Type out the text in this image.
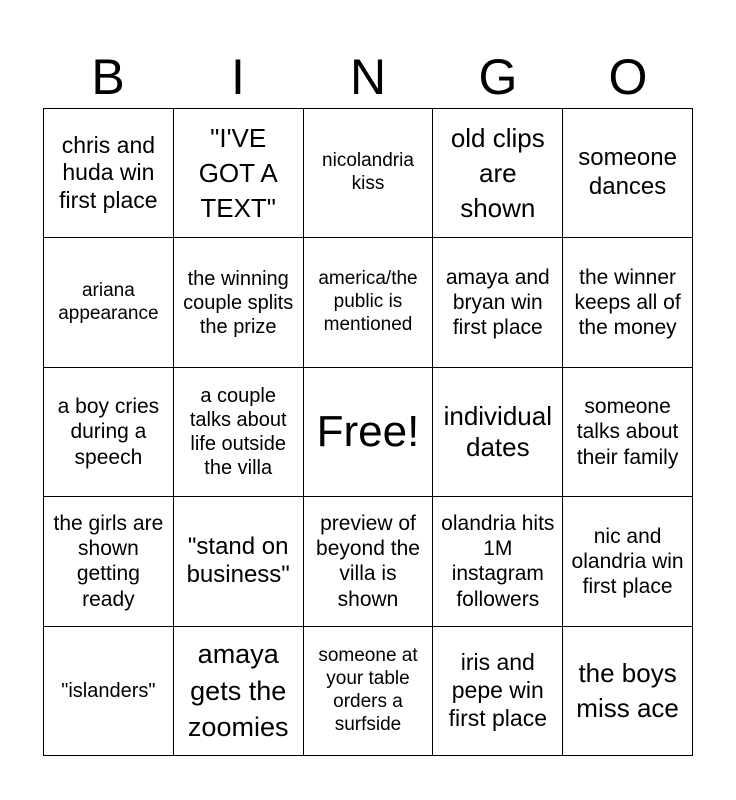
B	I	N	G	O
chris and huda win first place
"I'VE GOT A TEXT"
nicolandria kiss
old clips are shown
someone dances
ariana appearance
the winning couple splits the prize
america/the public is mentioned
amaya and bryan win first place
the winner keeps all of the money
a boy cries during a speech
a couple talks about life outside the villa
Free! individual dates
someone talks about their family
the girls are shown getting ready
"stand on business"
preview of beyond the villa is shown
olandria hits 1M instagram followers
nic and olandria win first place
"islanders"
amaya gets the zoomies
someone at your table orders a surfside
iris and pepe win first place
the boys miss ace
